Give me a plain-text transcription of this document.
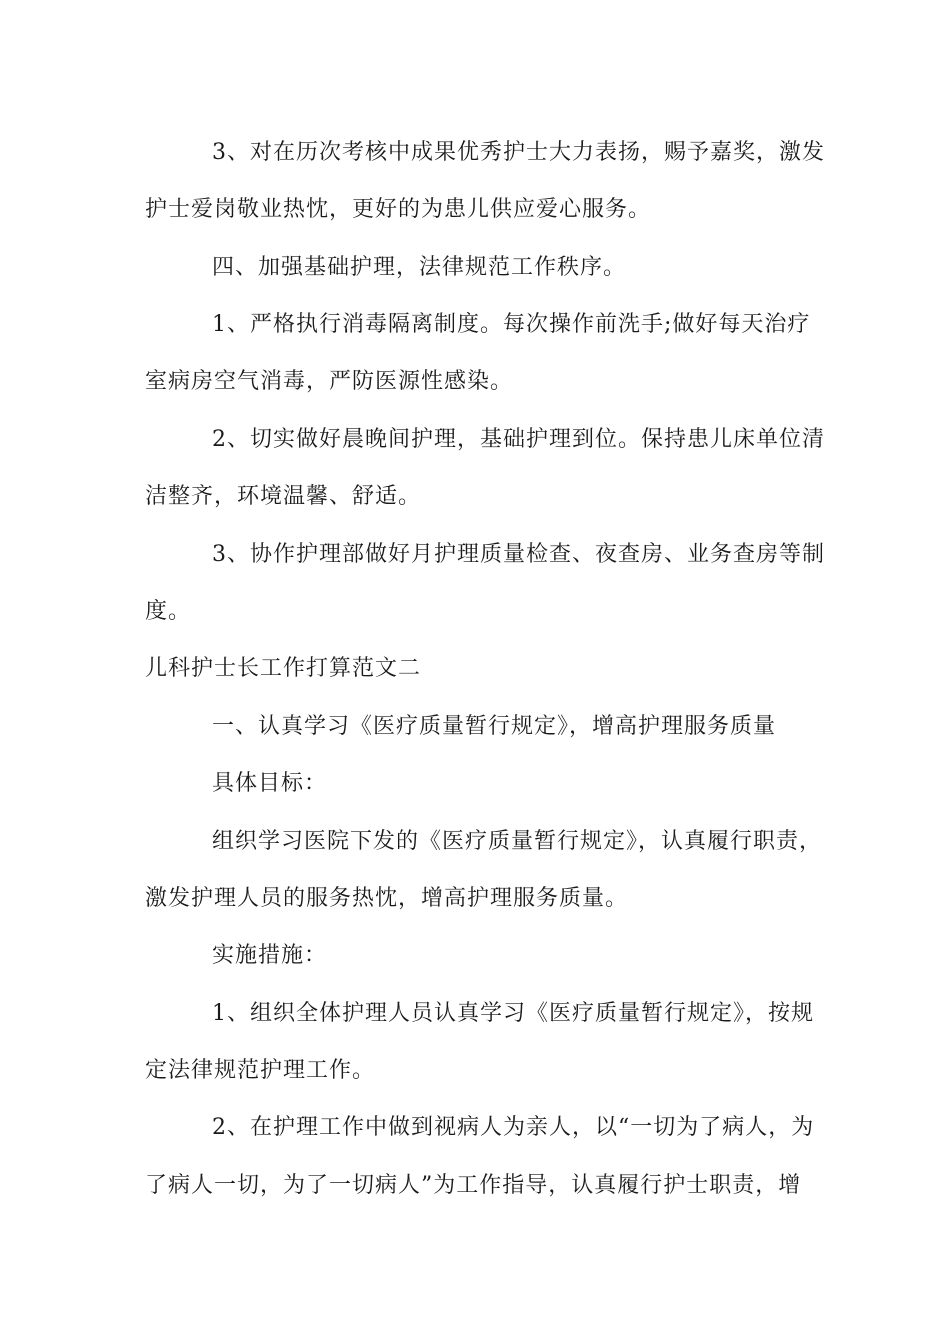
3、对在历次考核中成果优秀护士大力表扬，赐予嘉奖，激发
护士爱岗敬业热忱，更好的为患儿供应爱心服务。
四、加强基础护理，法律规范工作秩序。
1、严格执行消毒隔离制度。每次操作前洗手;做好每天治疗
室病房空气消毒，严防医源性感染。
2、切实做好晨晚间护理，基础护理到位。保持患儿床单位清
洁整齐，环境温馨、舒适。
3、协作护理部做好月护理质量检查、夜查房、业务查房等制
度。
儿科护士长工作打算范文二
一、认真学习《医疗质量暂行规定》，增高护理服务质量
具体目标：
组织学习医院下发的《医疗质量暂行规定》，认真履行职责，
激发护理人员的服务热忱，增高护理服务质量。
实施措施：
1、组织全体护理人员认真学习《医疗质量暂行规定》，按规
定法律规范护理工作。
2、在护理工作中做到视病人为亲人，以“一切为了病人，为
了病人一切，为了一切病人”为工作指导，认真履行护士职责，增
